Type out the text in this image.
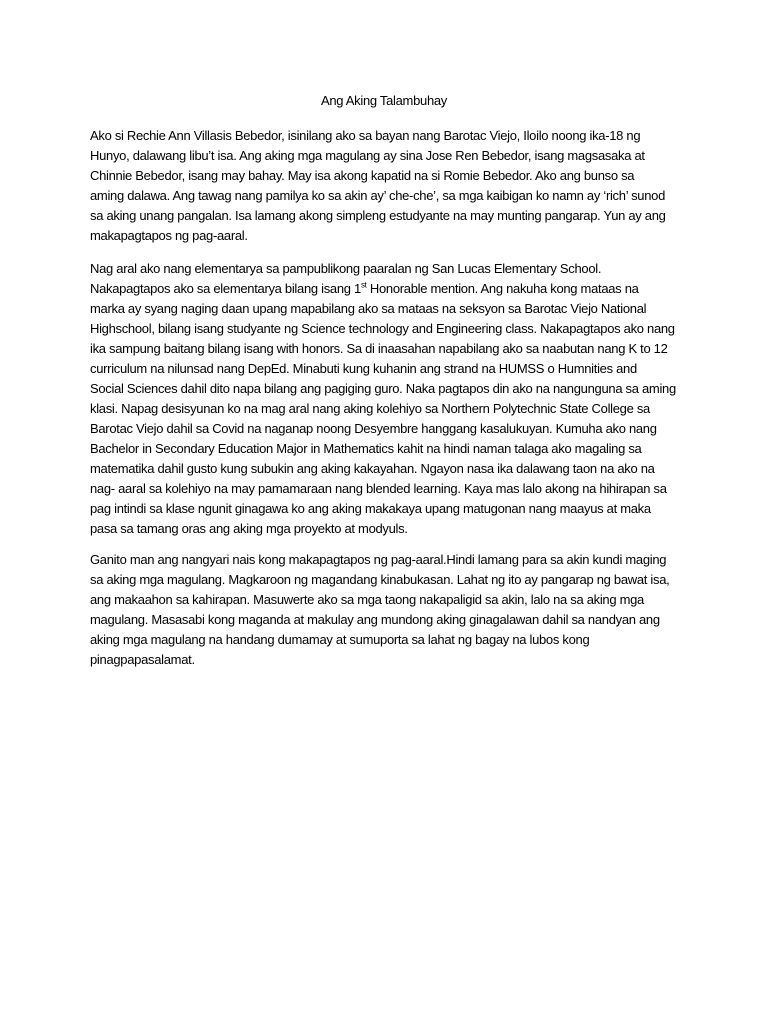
Ang Aking Talambuhay
Ako si Rechie Ann Villasis Bebedor, isinilang ako sa bayan nang Barotac Viejo, Iloilo noong ika-18 ng
Hunyo, dalawang libu’t isa. Ang aking mga magulang ay sina Jose Ren Bebedor, isang magsasaka at
Chinnie Bebedor, isang may bahay. May isa akong kapatid na si Romie Bebedor. Ako ang bunso sa
aming dalawa. Ang tawag nang pamilya ko sa akin ay’ che-che’, sa mga kaibigan ko namn ay ‘rich’ sunod
sa aking unang pangalan. Isa lamang akong simpleng estudyante na may munting pangarap. Yun ay ang
makapagtapos ng pag-aaral.
Nag aral ako nang elementarya sa pampublikong paaralan ng San Lucas Elementary School.
Nakapagtapos ako sa elementarya bilang isang 1st Honorable mention. Ang nakuha kong mataas na
marka ay syang naging daan upang mapabilang ako sa mataas na seksyon sa Barotac Viejo National
Highschool, bilang isang studyante ng Science technology and Engineering class. Nakapagtapos ako nang
ika sampung baitang bilang isang with honors. Sa di inaasahan napabilang ako sa naabutan nang K to 12
curriculum na nilunsad nang DepEd. Minabuti kung kuhanin ang strand na HUMSS o Humnities and
Social Sciences dahil dito napa bilang ang pagiging guro. Naka pagtapos din ako na nangunguna sa aming
klasi. Napag desisyunan ko na mag aral nang aking kolehiyo sa Northern Polytechnic State College sa
Barotac Viejo dahil sa Covid na naganap noong Desyembre hanggang kasalukuyan. Kumuha ako nang
Bachelor in Secondary Education Major in Mathematics kahit na hindi naman talaga ako magaling sa
matematika dahil gusto kung subukin ang aking kakayahan. Ngayon nasa ika dalawang taon na ako na
nag- aaral sa kolehiyo na may pamamaraan nang blended learning. Kaya mas lalo akong na hihirapan sa
pag intindi sa klase ngunit ginagawa ko ang aking makakaya upang matugonan nang maayus at maka
pasa sa tamang oras ang aking mga proyekto at modyuls.
Ganito man ang nangyari nais kong makapagtapos ng pag-aaral.Hindi lamang para sa akin kundi maging
sa aking mga magulang. Magkaroon ng magandang kinabukasan. Lahat ng ito ay pangarap ng bawat isa,
ang makaahon sa kahirapan. Masuwerte ako sa mga taong nakapaligid sa akin, lalo na sa aking mga
magulang. Masasabi kong maganda at makulay ang mundong aking ginagalawan dahil sa nandyan ang
aking mga magulang na handang dumamay at sumuporta sa lahat ng bagay na lubos kong
pinagpapasalamat.
